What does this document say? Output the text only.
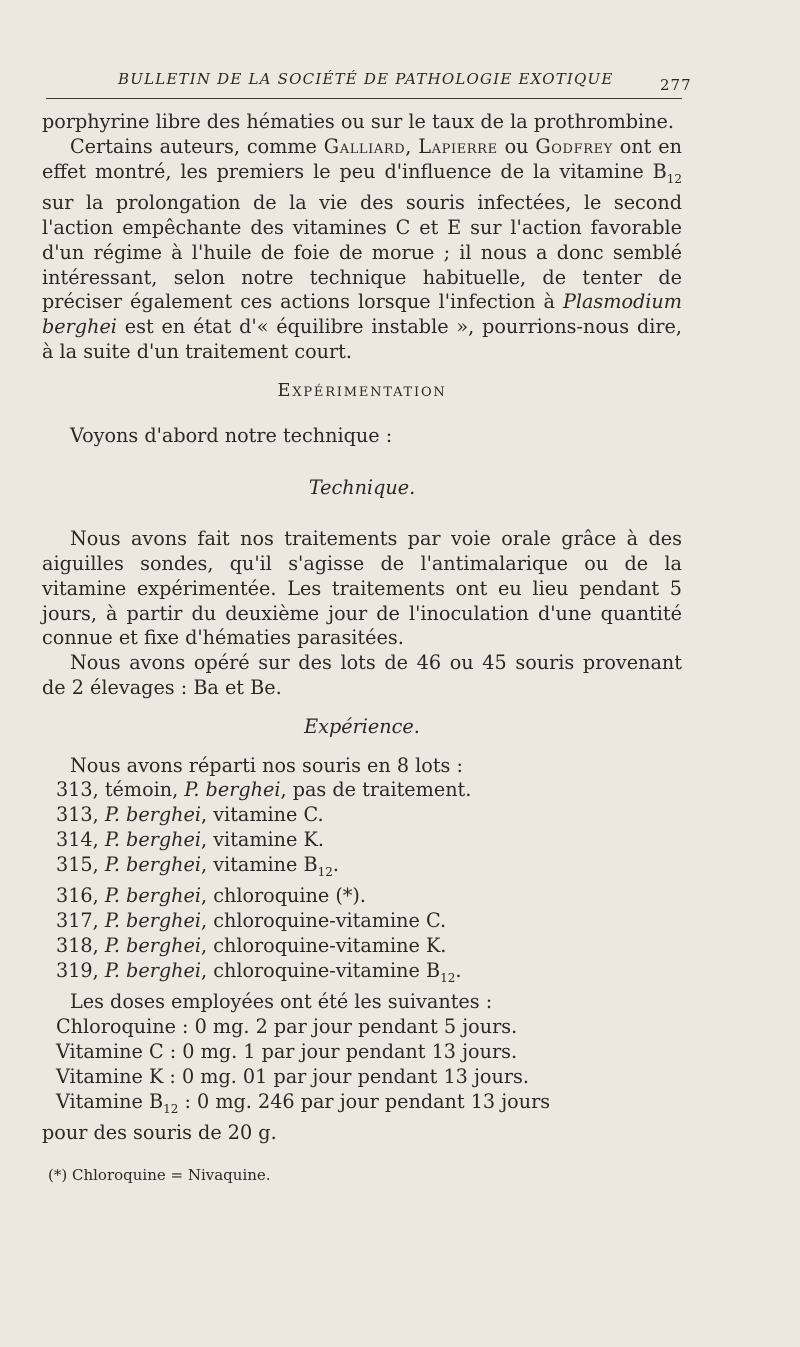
BULLETIN DE LA SOCIÉTÉ DE PATHOLOGIE EXOTIQUE	277

porphyrine libre des hématies ou sur le taux de la prothrombine.

Certains auteurs, comme Galliard, Lapierre ou Godfrey ont en effet montré, les premiers le peu d'influence de la vitamine $B_{12}$ sur la prolongation de la vie des souris infectées, le second l'action empêchante des vitamines C et E sur l'action favorable d'un régime à l'huile de foie de morue ; il nous a donc semblé intéressant, selon notre technique habituelle, de tenter de préciser également ces actions lorsque l'infection à Plasmodium berghei est en état d'« équilibre instable », pourrions-nous dire, à la suite d'un traitement court.

Expérimentation

Voyons d'abord notre technique :

Technique.

Nous avons fait nos traitements par voie orale grâce à des aiguilles sondes, qu'il s'agisse de l'antimalarique ou de la vitamine expérimentée. Les traitements ont eu lieu pendant 5 jours, à partir du deuxième jour de l'inoculation d'une quantité connue et fixe d'hématies parasitées.

Nous avons opéré sur des lots de 46 ou 45 souris provenant de 2 élevages : Ba et Be.

Expérience.

Nous avons réparti nos souris en 8 lots :

313, témoin, P. berghei, pas de traitement.
313, P. berghei, vitamine C.
314, P. berghei, vitamine K.
315, P. berghei, vitamine $B_{12}$.
316, P. berghei, chloroquine (*).
317, P. berghei, chloroquine-vitamine C.
318, P. berghei, chloroquine-vitamine K.
319, P. berghei, chloroquine-vitamine $B_{12}$.

Les doses employées ont été les suivantes :

Chloroquine : 0 mg. 2 par jour pendant 5 jours.
Vitamine C : 0 mg. 1 par jour pendant 13 jours.
Vitamine K : 0 mg. 01 par jour pendant 13 jours.
Vitamine $B_{12}$ : 0 mg. 246 par jour pendant 13 jours

pour des souris de 20 g.

(*) Chloroquine = Nivaquine.
